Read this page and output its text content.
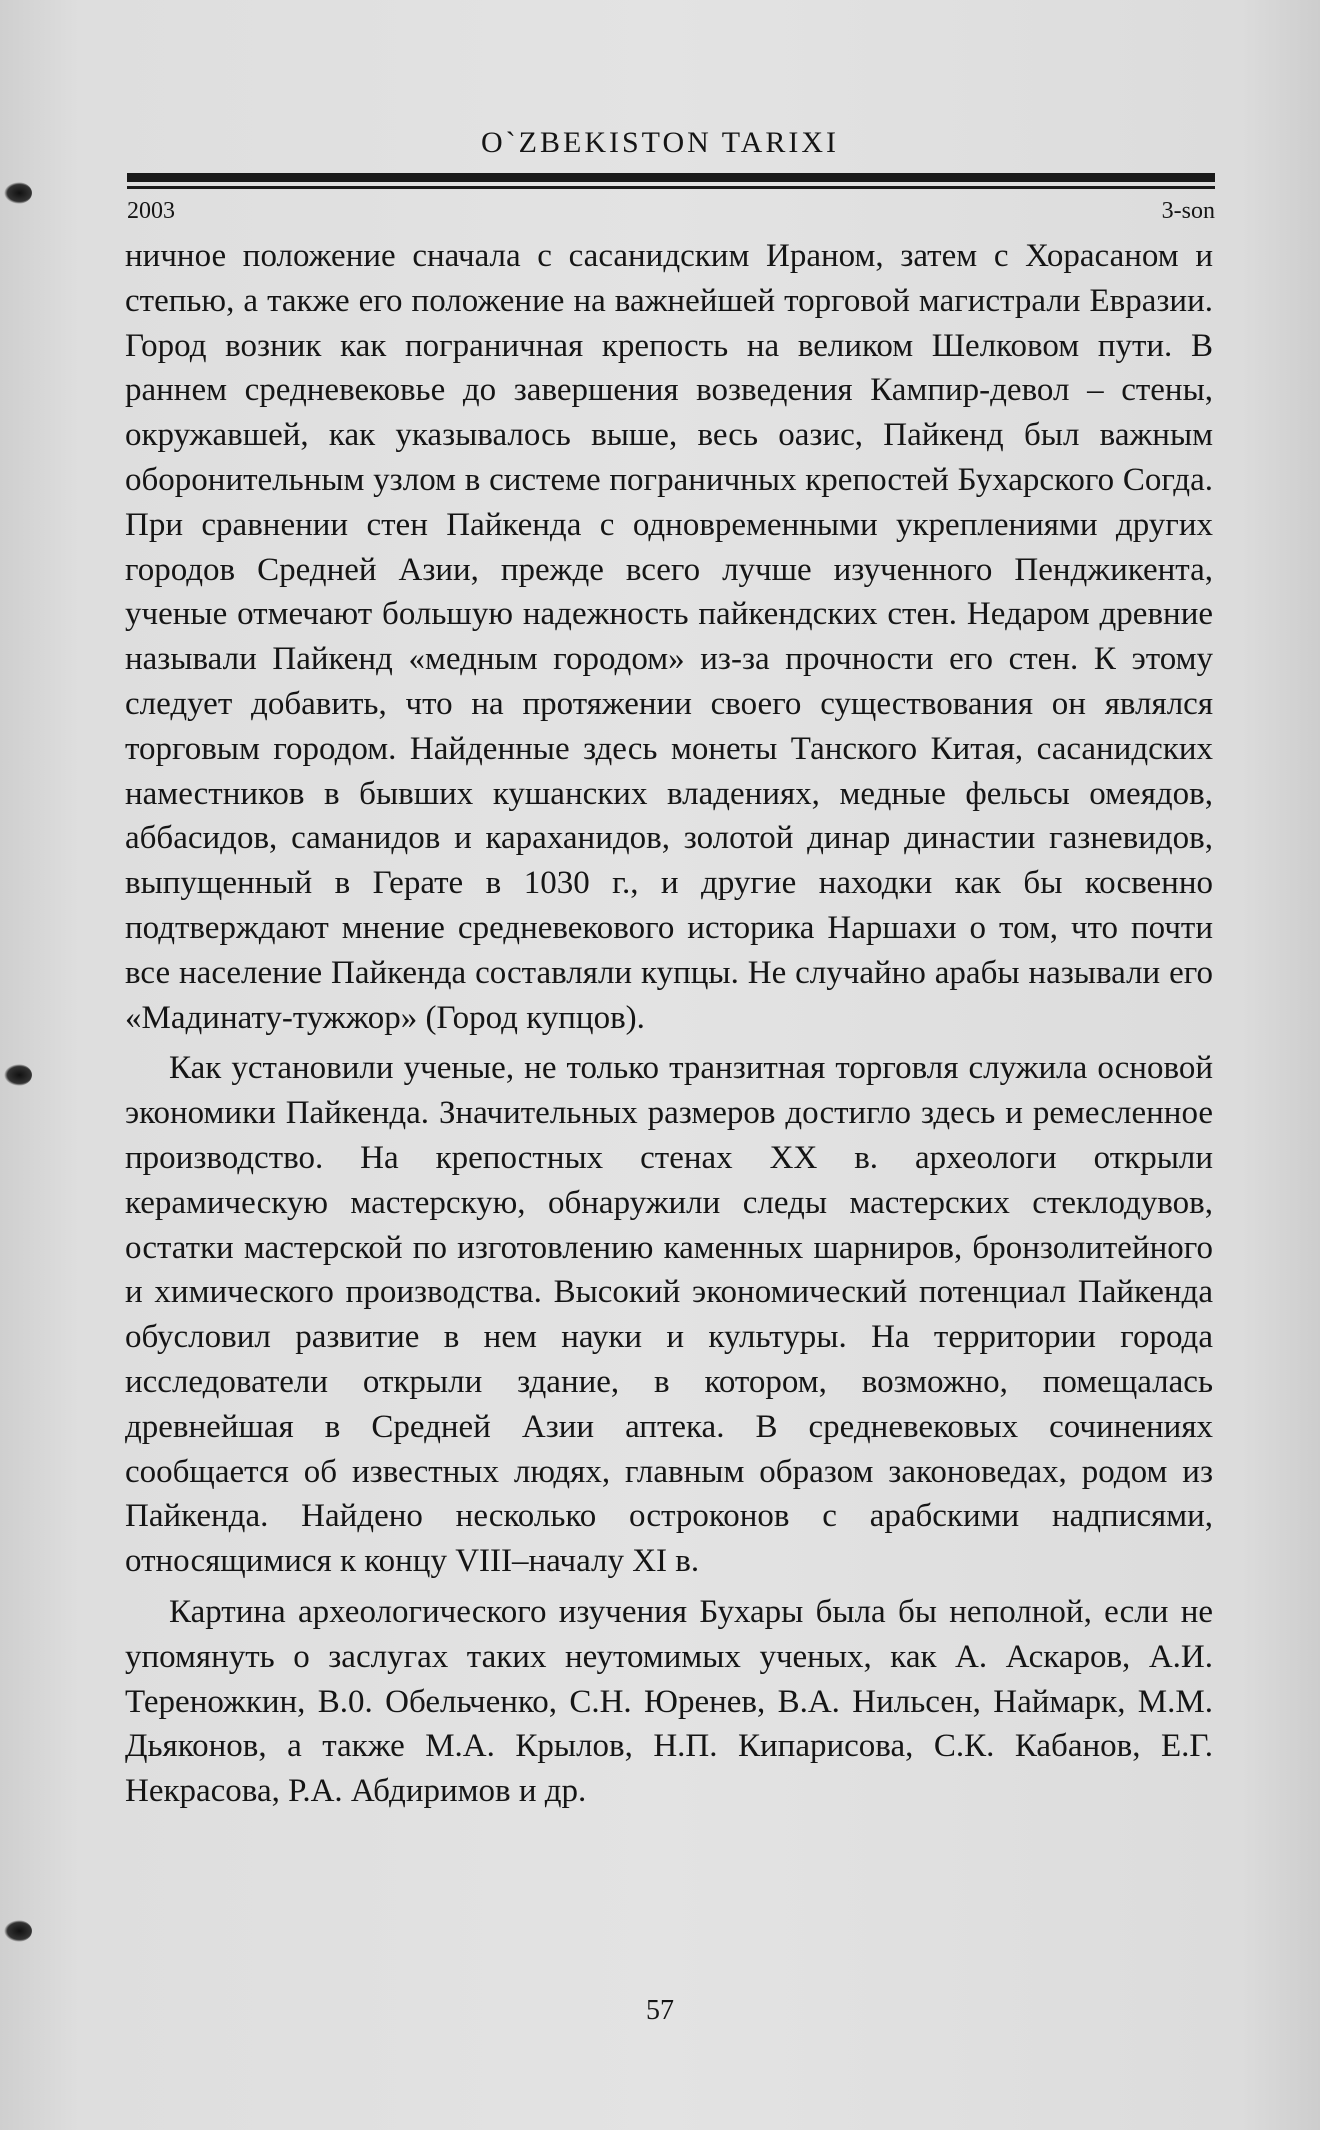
O`ZBEKISTON TARIXI
2003	3-son

ничное положение сначала с сасанидским Ираном, затем с Хорасаном и степью, а также его положение на важнейшей торговой магистрали Евразии. Город возник как пограничная крепость на великом Шелковом пути. В раннем средневековье до завершения возведения Кампир-девол – стены, окружавшей, как указывалось выше, весь оазис, Пайкенд был важным оборонительным узлом в системе пограничных крепостей Бухарского Согда. При сравнении стен Пайкенда с одновременными укреплениями других городов Средней Азии, прежде всего лучше изученного Пенджикента, ученые отмечают большую надежность пайкендских стен. Недаром древние называли Пайкенд «медным городом» из-за прочности его стен. К этому следует добавить, что на протяжении своего существования он являлся торговым городом. Найденные здесь монеты Танского Китая, сасанидских наместников в бывших кушанских владениях, медные фельсы омеядов, аббасидов, саманидов и караханидов, золотой динар династии газневидов, выпущенный в Герате в 1030 г., и другие находки как бы косвенно подтверждают мнение средневекового историка Наршахи о том, что почти все население Пайкенда составляли купцы. Не случайно арабы называли его «Мадинату-тужжор» (Город купцов).

Как установили ученые, не только транзитная торговля служила основой экономики Пайкенда. Значительных размеров достигло здесь и ремесленное производство. На крепостных стенах XX в. археологи открыли керамическую мастерскую, обнаружили следы мастерских стеклодувов, остатки мастерской по изготовлению каменных шарниров, бронзолитейного и химического производства. Высокий экономический потенциал Пайкенда обусловил развитие в нем науки и культуры. На территории города исследователи открыли здание, в котором, возможно, помещалась древнейшая в Средней Азии аптека. В средневековых сочинениях сообщается об известных людях, главным образом законоведах, родом из Пайкенда. Найдено несколько остроконов с арабскими надписями, относящимися к концу VIII–началу XI в.

Картина археологического изучения Бухары была бы неполной, если не упомянуть о заслугах таких неутомимых ученых, как А. Аскаров, А.И. Тереножкин, В.0. Обельченко, С.Н. Юренев, В.А. Нильсен, Наймарк, М.М. Дьяконов, а также М.А. Крылов, Н.П. Кипарисова, С.К. Кабанов, Е.Г. Некрасова, Р.А. Абдиримов и др.

57
